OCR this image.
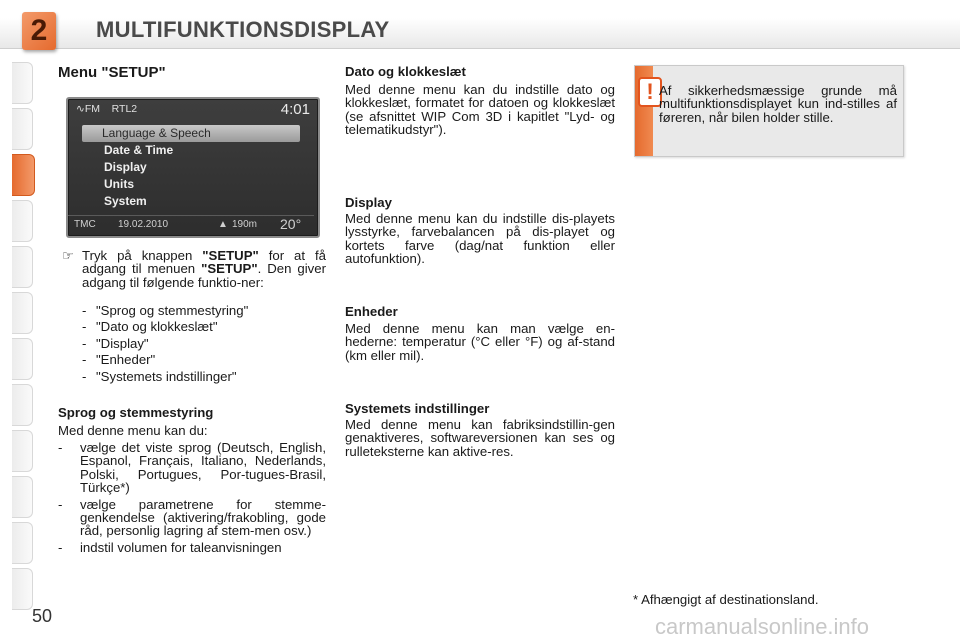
2	MULTIFUNKTIONSDISPLAY
Menu "SETUP"
∿FM RTL2	4:01
Language & Speech
Date & Time
Display
Units
System
TMC 19.02.2010	▲ 190m 20°
☞ Tryk på knappen "SETUP" for at få adgang til menuen "SETUP". Den giver adgang til følgende funktio-ner:
- "Sprog og stemmestyring"
- "Dato og klokkeslæt"
- "Display"
- "Enheder"
- "Systemets indstillinger"
Sprog og stemmestyring
Med denne menu kan du:
- vælge det viste sprog (Deutsch, English, Espanol, Français, Italiano, Nederlands, Polski, Portugues, Por-tugues-Brasil, Türkçe*)
- vælge parametrene for stemme-genkendelse (aktivering/frakobling, gode råd, personlig lagring af stem-men osv.)
- indstil volumen for taleanvisningen
Dato og klokkeslæt
Med denne menu kan du indstille dato og klokkeslæt, formatet for datoen og klokkeslæt (se afsnittet WIP Com 3D i kapitlet "Lyd- og telematikudstyr").
Display
Med denne menu kan du indstille dis-playets lysstyrke, farvebalancen på dis-playet og kortets farve (dag/nat funktion eller autofunktion).
Enheder
Med denne menu kan man vælge en-hederne: temperatur (°C eller °F) og af-stand (km eller mil).
Systemets indstillinger
Med denne menu kan fabriksindstillin-gen genaktiveres, softwareversionen kan ses og rulleteksterne kan aktive-res.
! Af sikkerhedsmæssige grunde må multifunktionsdisplayet kun ind-stilles af føreren, når bilen holder stille.
* Afhængigt af destinationsland.
50	carmanualsonline.info
